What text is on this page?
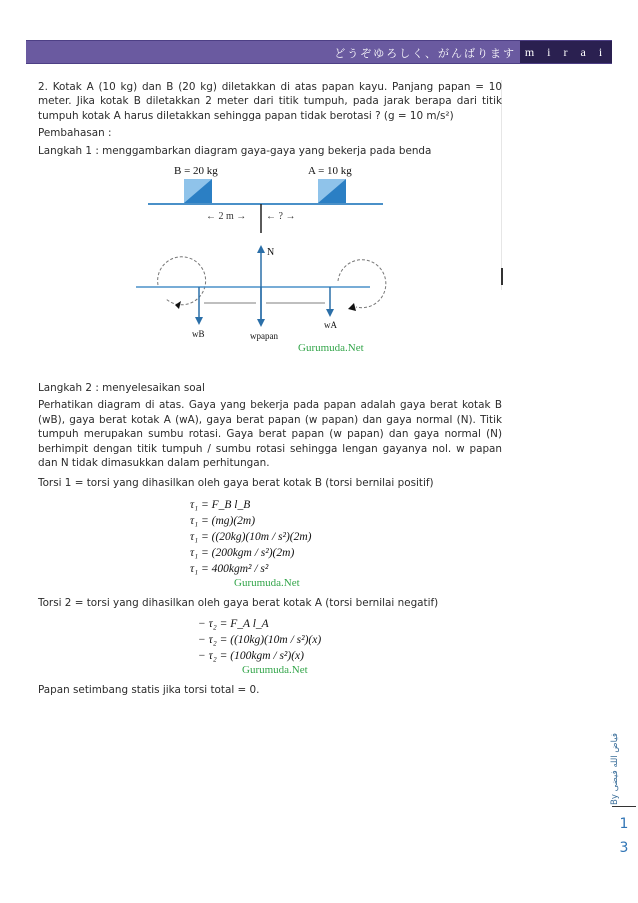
どうぞゆろしく、がんばります m i r a i

2. Kotak A (10 kg) dan B (20 kg) diletakkan di atas papan kayu. Panjang papan = 10 meter. Jika kotak B diletakkan 2 meter dari titik tumpuh, pada jarak berapa dari titik tumpuh kotak A harus diletakkan sehingga papan tidak berotasi ? (g = 10 m/s²)

Pembahasan :

Langkah 1 : menggambarkan diagram gaya-gaya yang bekerja pada benda

B = 20 kg	A = 10 kg
← 2 m → ← ? →
N
wB	wpapan
wA
Gurumuda.Net

Langkah 2 : menyelesaikan soal

Perhatikan diagram di atas. Gaya yang bekerja pada papan adalah gaya berat kotak B (wB), gaya berat kotak A (wA), gaya berat papan (w papan) dan gaya normal (N). Titik tumpuh merupakan sumbu rotasi. Gaya berat papan (w papan) dan gaya normal (N) berhimpit dengan titik tumpuh / sumbu rotasi sehingga lengan gayanya nol. w papan dan N tidak dimasukkan dalam perhitungan.

Torsi 1 = torsi yang dihasilkan oleh gaya berat kotak B (torsi bernilai positif)

τ₁ = F_B l_B
τ₁ = (mg)(2m)
τ₁ = ((20kg)(10m / s²)(2m)
τ₁ = (200kgm / s²)(2m)
τ₁ = 400kgm² / s²
Gurumuda.Net

Torsi 2 = torsi yang dihasilkan oleh gaya berat kotak A (torsi bernilai negatif)

− τ₂ = F_A l_A
− τ₂ = ((10kg)(10m / s²)(x)
− τ₂ = (100kgm / s²)(x)
Gurumuda.Net

Papan setimbang statis jika torsi total = 0.

By فیاض الله فیضی
1
3
